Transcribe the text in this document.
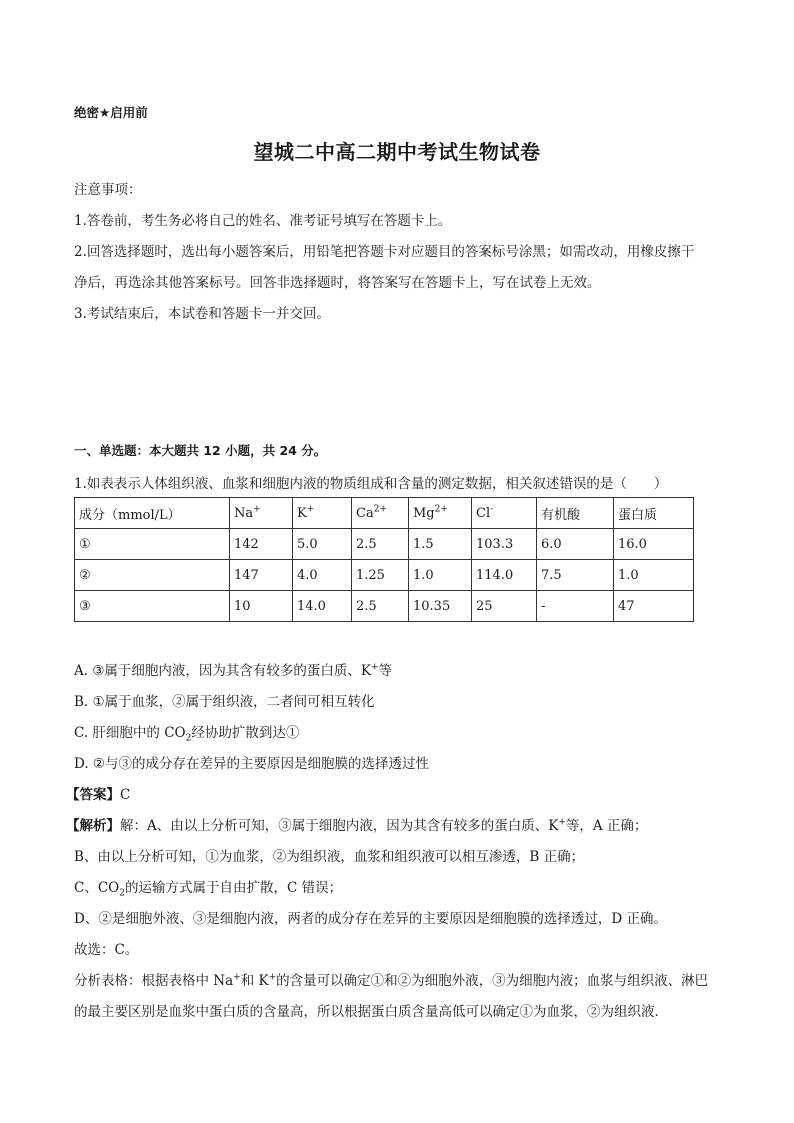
绝密★启用前
望城二中高二期中考试生物试卷
注意事项：
1.答卷前，考生务必将自己的姓名、准考证号填写在答题卡上。
2.回答选择题时，选出每小题答案后，用铅笔把答题卡对应题目的答案标号涂黑；如需改动，用橡皮擦干
净后，再选涂其他答案标号。回答非选择题时，将答案写在答题卡上，写在试卷上无效。
3.考试结束后，本试卷和答题卡一并交回。
一、单选题：本大题共 12 小题，共 24 分。
1.如表表示人体组织液、血浆和细胞内液的物质组成和含量的测定数据，相关叙述错误的是（　　）
成分（mmol/L）	Na+	K+	$Ca^{2+}$	$Mg^{2+}$	Cl-	有机酸	蛋白质
①	142	5.0	2.5	1.5	103.3	6.0	16.0
②	147	4.0	1.25	1.0	114.0	7.5	1.0
③	10	14.0	2.5	10.35	25	-	47
A. ③属于细胞内液，因为其含有较多的蛋白质、K+等
B. ①属于血浆，②属于组织液，二者间可相互转化
C. 肝细胞中的 $CO_2$经协助扩散到达①
D. ②与③的成分存在差异的主要原因是细胞膜的选择透过性
【答案】C
【解析】解：A、由以上分析可知，③属于细胞内液，因为其含有较多的蛋白质、K+等，A 正确；
B、由以上分析可知，①为血浆，②为组织液，血浆和组织液可以相互渗透，B 正确；
C、$CO_2$的运输方式属于自由扩散，C 错误；
D、②是细胞外液、③是细胞内液，两者的成分存在差异的主要原因是细胞膜的选择透过，D 正确。
故选：C。
分析表格：根据表格中 Na+和 K+的含量可以确定①和②为细胞外液，③为细胞内液；血浆与组织液、淋巴
的最主要区别是血浆中蛋白质的含量高，所以根据蛋白质含量高低可以确定①为血浆，②为组织液．
